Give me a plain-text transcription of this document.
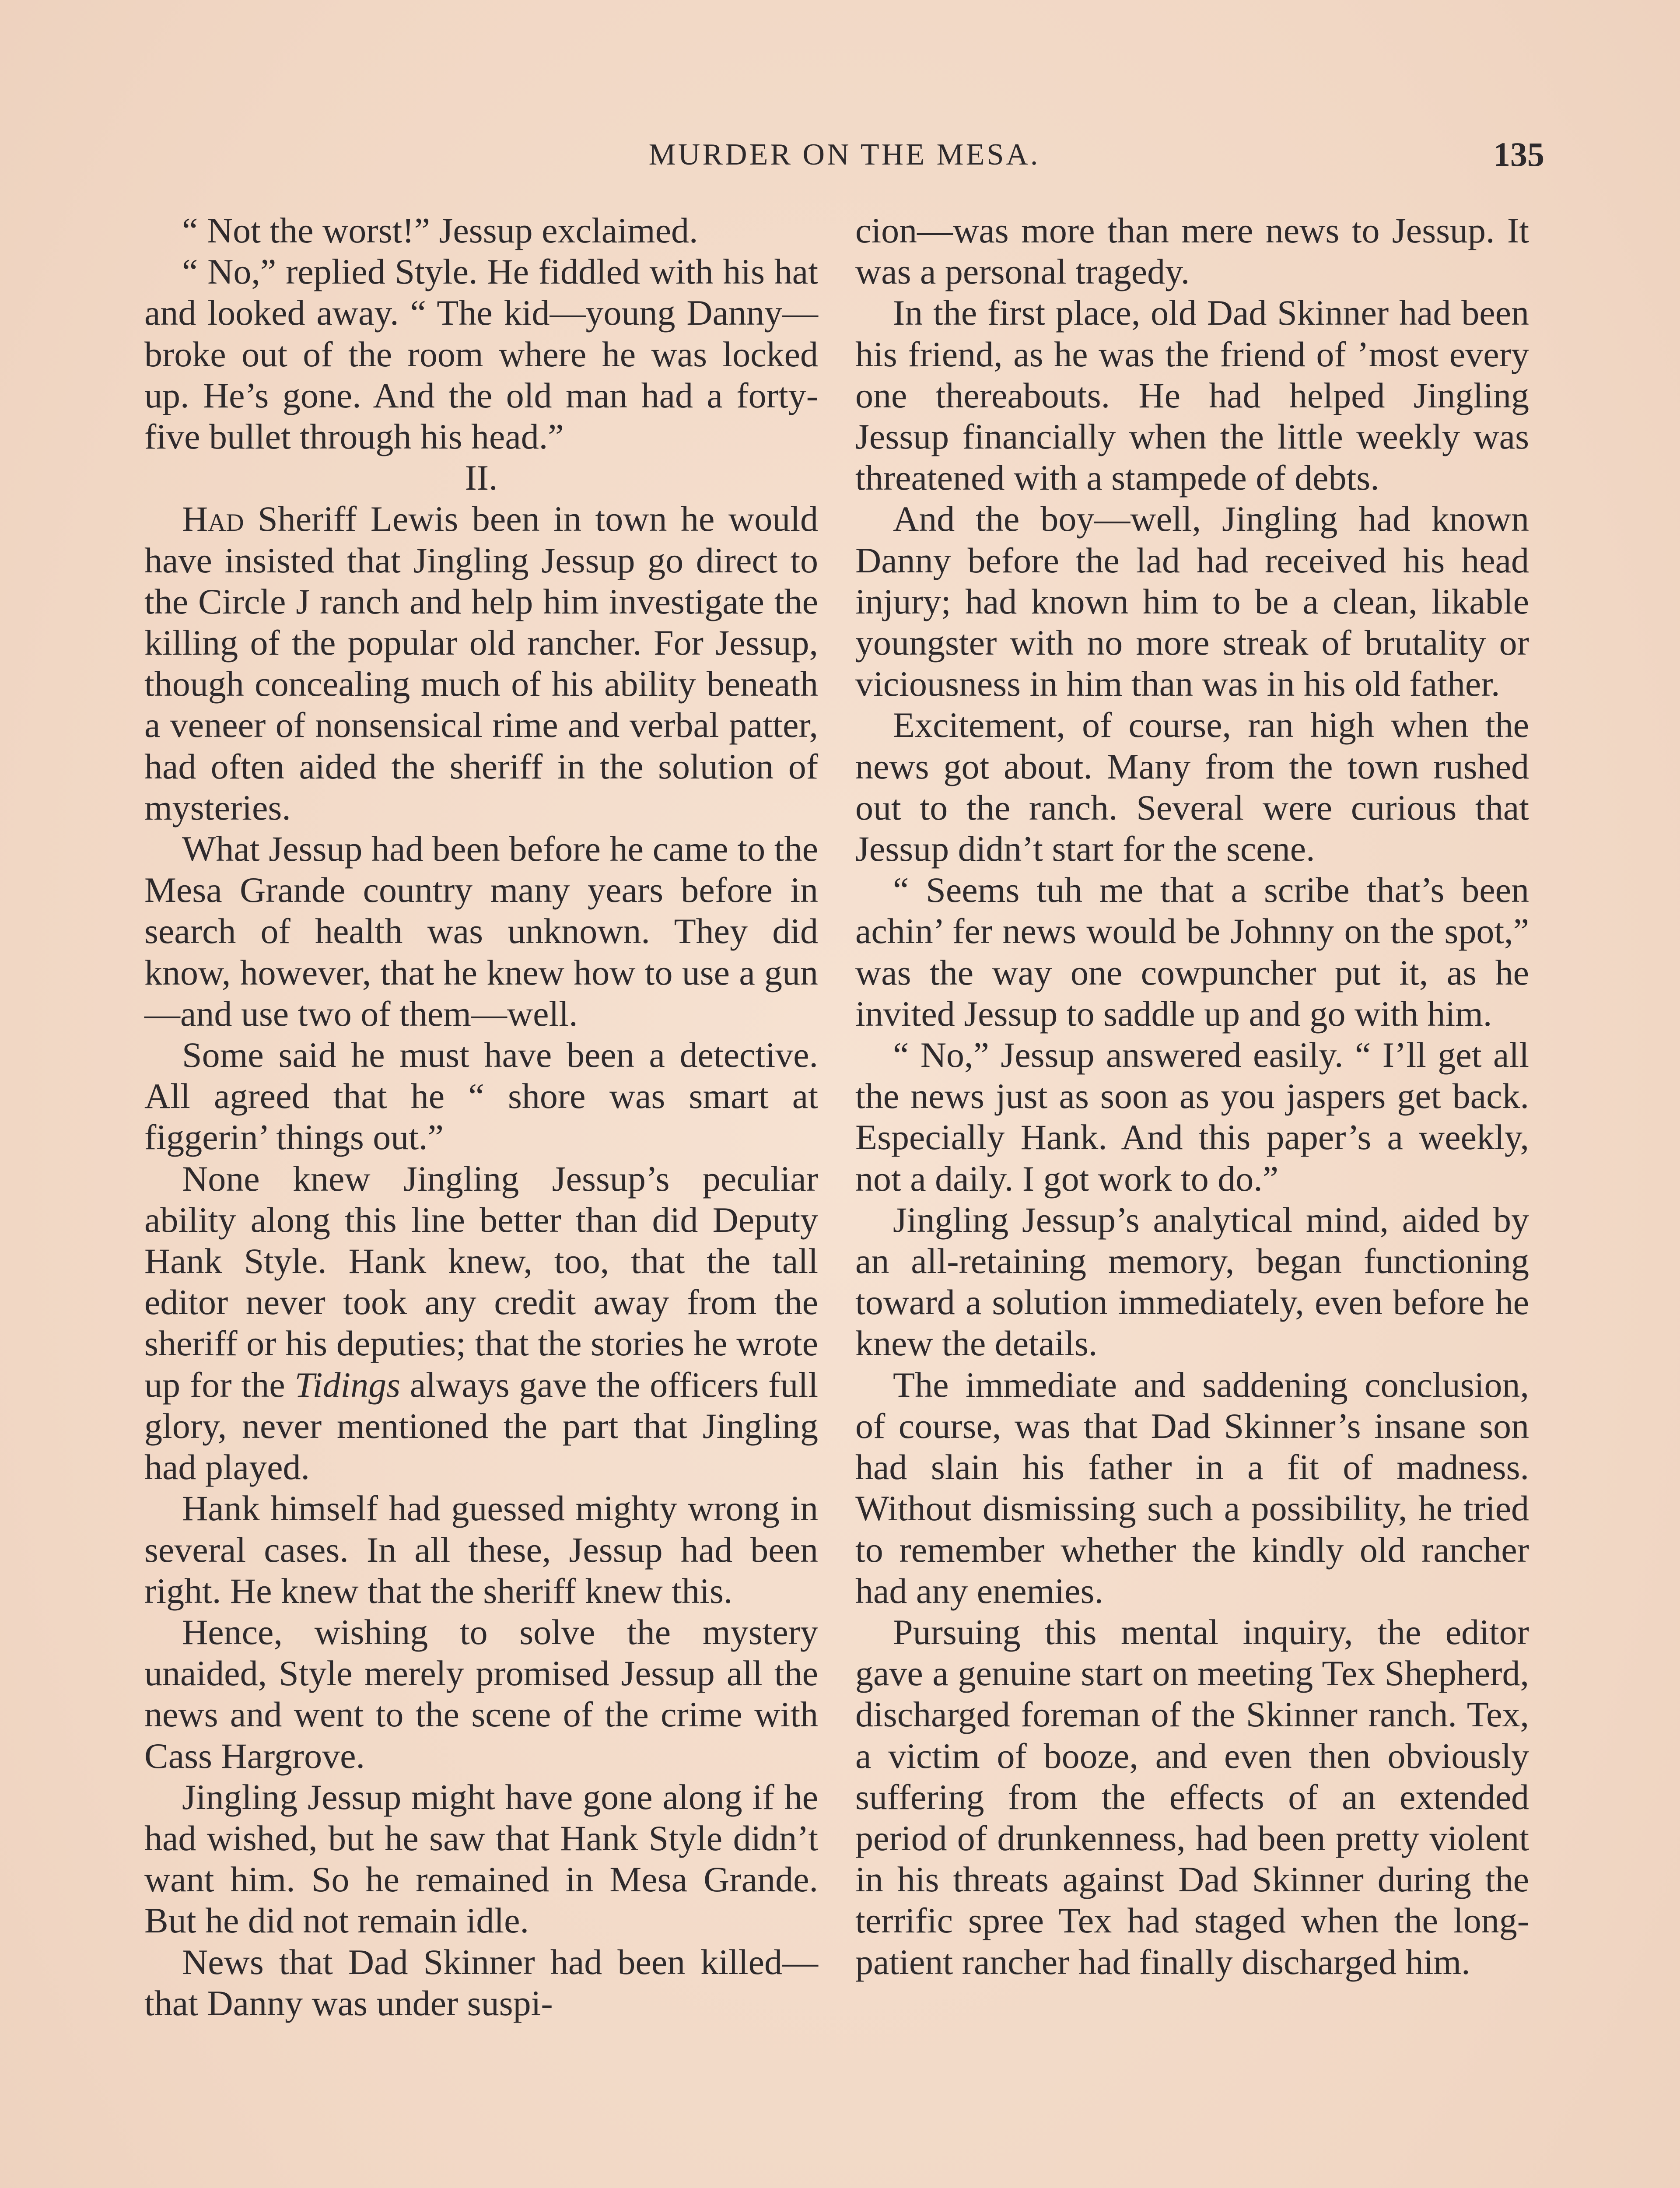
MURDER ON THE MESA.	135

“ Not the worst!” Jessup exclaimed.

“ No,” replied Style. He fiddled with his hat and looked away. “ The kid—young Danny—broke out of the room where he was locked up. He’s gone. And the old man had a forty-five bullet through his head.”

II.

Had Sheriff Lewis been in town he would have insisted that Jingling Jessup go direct to the Circle J ranch and help him investigate the killing of the popular old rancher. For Jessup, though concealing much of his ability beneath a veneer of nonsensical rime and verbal patter, had often aided the sheriff in the solution of mysteries.

What Jessup had been before he came to the Mesa Grande country many years before in search of health was unknown. They did know, however, that he knew how to use a gun—and use two of them—well.

Some said he must have been a detective. All agreed that he “ shore was smart at figgerin’ things out.”

None knew Jingling Jessup’s peculiar ability along this line better than did Deputy Hank Style. Hank knew, too, that the tall editor never took any credit away from the sheriff or his deputies; that the stories he wrote up for the Tidings always gave the officers full glory, never mentioned the part that Jingling had played.

Hank himself had guessed mighty wrong in several cases. In all these, Jessup had been right. He knew that the sheriff knew this.

Hence, wishing to solve the mystery unaided, Style merely promised Jessup all the news and went to the scene of the crime with Cass Hargrove.

Jingling Jessup might have gone along if he had wished, but he saw that Hank Style didn’t want him. So he remained in Mesa Grande. But he did not remain idle.

News that Dad Skinner had been killed—that Danny was under suspi-

cion—was more than mere news to Jessup. It was a personal tragedy.

In the first place, old Dad Skinner had been his friend, as he was the friend of ’most every one thereabouts. He had helped Jingling Jessup financially when the little weekly was threatened with a stampede of debts.

And the boy—well, Jingling had known Danny before the lad had received his head injury; had known him to be a clean, likable youngster with no more streak of brutality or viciousness in him than was in his old father.

Excitement, of course, ran high when the news got about. Many from the town rushed out to the ranch. Several were curious that Jessup didn’t start for the scene.

“ Seems tuh me that a scribe that’s been achin’ fer news would be Johnny on the spot,” was the way one cowpuncher put it, as he invited Jessup to saddle up and go with him.

“ No,” Jessup answered easily. “ I’ll get all the news just as soon as you jaspers get back. Especially Hank. And this paper’s a weekly, not a daily. I got work to do.”

Jingling Jessup’s analytical mind, aided by an all-retaining memory, began functioning toward a solution immediately, even before he knew the details.

The immediate and saddening conclusion, of course, was that Dad Skinner’s insane son had slain his father in a fit of madness. Without dismissing such a possibility, he tried to remember whether the kindly old rancher had any enemies.

Pursuing this mental inquiry, the editor gave a genuine start on meeting Tex Shepherd, discharged foreman of the Skinner ranch. Tex, a victim of booze, and even then obviously suffering from the effects of an extended period of drunkenness, had been pretty violent in his threats against Dad Skinner during the terrific spree Tex had staged when the long-patient rancher had finally discharged him.
